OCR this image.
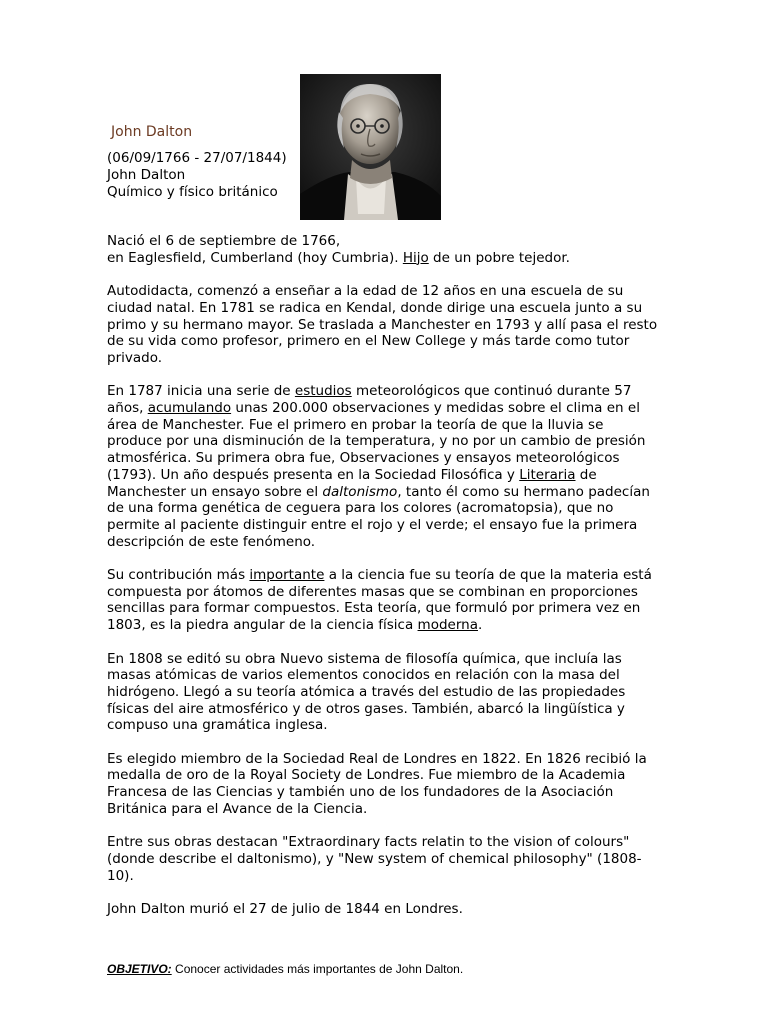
John Dalton
(06/09/1766 - 27/07/1844)
John Dalton
Químico y físico británico

Nació el 6 de septiembre de 1766,
en Eaglesfield, Cumberland (hoy Cumbria). Hijo de un pobre tejedor.

Autodidacta, comenzó a enseñar a la edad de 12 años en una escuela de su ciudad natal. En 1781 se radica en Kendal, donde dirige una escuela junto a su primo y su hermano mayor. Se traslada a Manchester en 1793 y allí pasa el resto de su vida como profesor, primero en el New College y más tarde como tutor privado.

En 1787 inicia una serie de estudios meteorológicos que continuó durante 57 años, acumulando unas 200.000 observaciones y medidas sobre el clima en el área de Manchester. Fue el primero en probar la teoría de que la lluvia se produce por una disminución de la temperatura, y no por un cambio de presión atmosférica. Su primera obra fue, Observaciones y ensayos meteorológicos (1793). Un año después presenta en la Sociedad Filosófica y Literaria de Manchester un ensayo sobre el daltonismo, tanto él como su hermano padecían de una forma genética de ceguera para los colores (acromatopsia), que no permite al paciente distinguir entre el rojo y el verde; el ensayo fue la primera descripción de este fenómeno.

Su contribución más importante a la ciencia fue su teoría de que la materia está compuesta por átomos de diferentes masas que se combinan en proporciones sencillas para formar compuestos. Esta teoría, que formuló por primera vez en 1803, es la piedra angular de la ciencia física moderna.

En 1808 se editó su obra Nuevo sistema de filosofía química, que incluía las masas atómicas de varios elementos conocidos en relación con la masa del hidrógeno. Llegó a su teoría atómica a través del estudio de las propiedades físicas del aire atmosférico y de otros gases. También, abarcó la lingüística y compuso una gramática inglesa.

Es elegido miembro de la Sociedad Real de Londres en 1822. En 1826 recibió la medalla de oro de la Royal Society de Londres. Fue miembro de la Academia Francesa de las Ciencias y también uno de los fundadores de la Asociación Británica para el Avance de la Ciencia.

Entre sus obras destacan "Extraordinary facts relatin to the vision of colours" (donde describe el daltonismo), y "New system of chemical philosophy" (1808-10).

John Dalton murió el 27 de julio de 1844 en Londres.

OBJETIVO: Conocer actividades más importantes de John Dalton.
